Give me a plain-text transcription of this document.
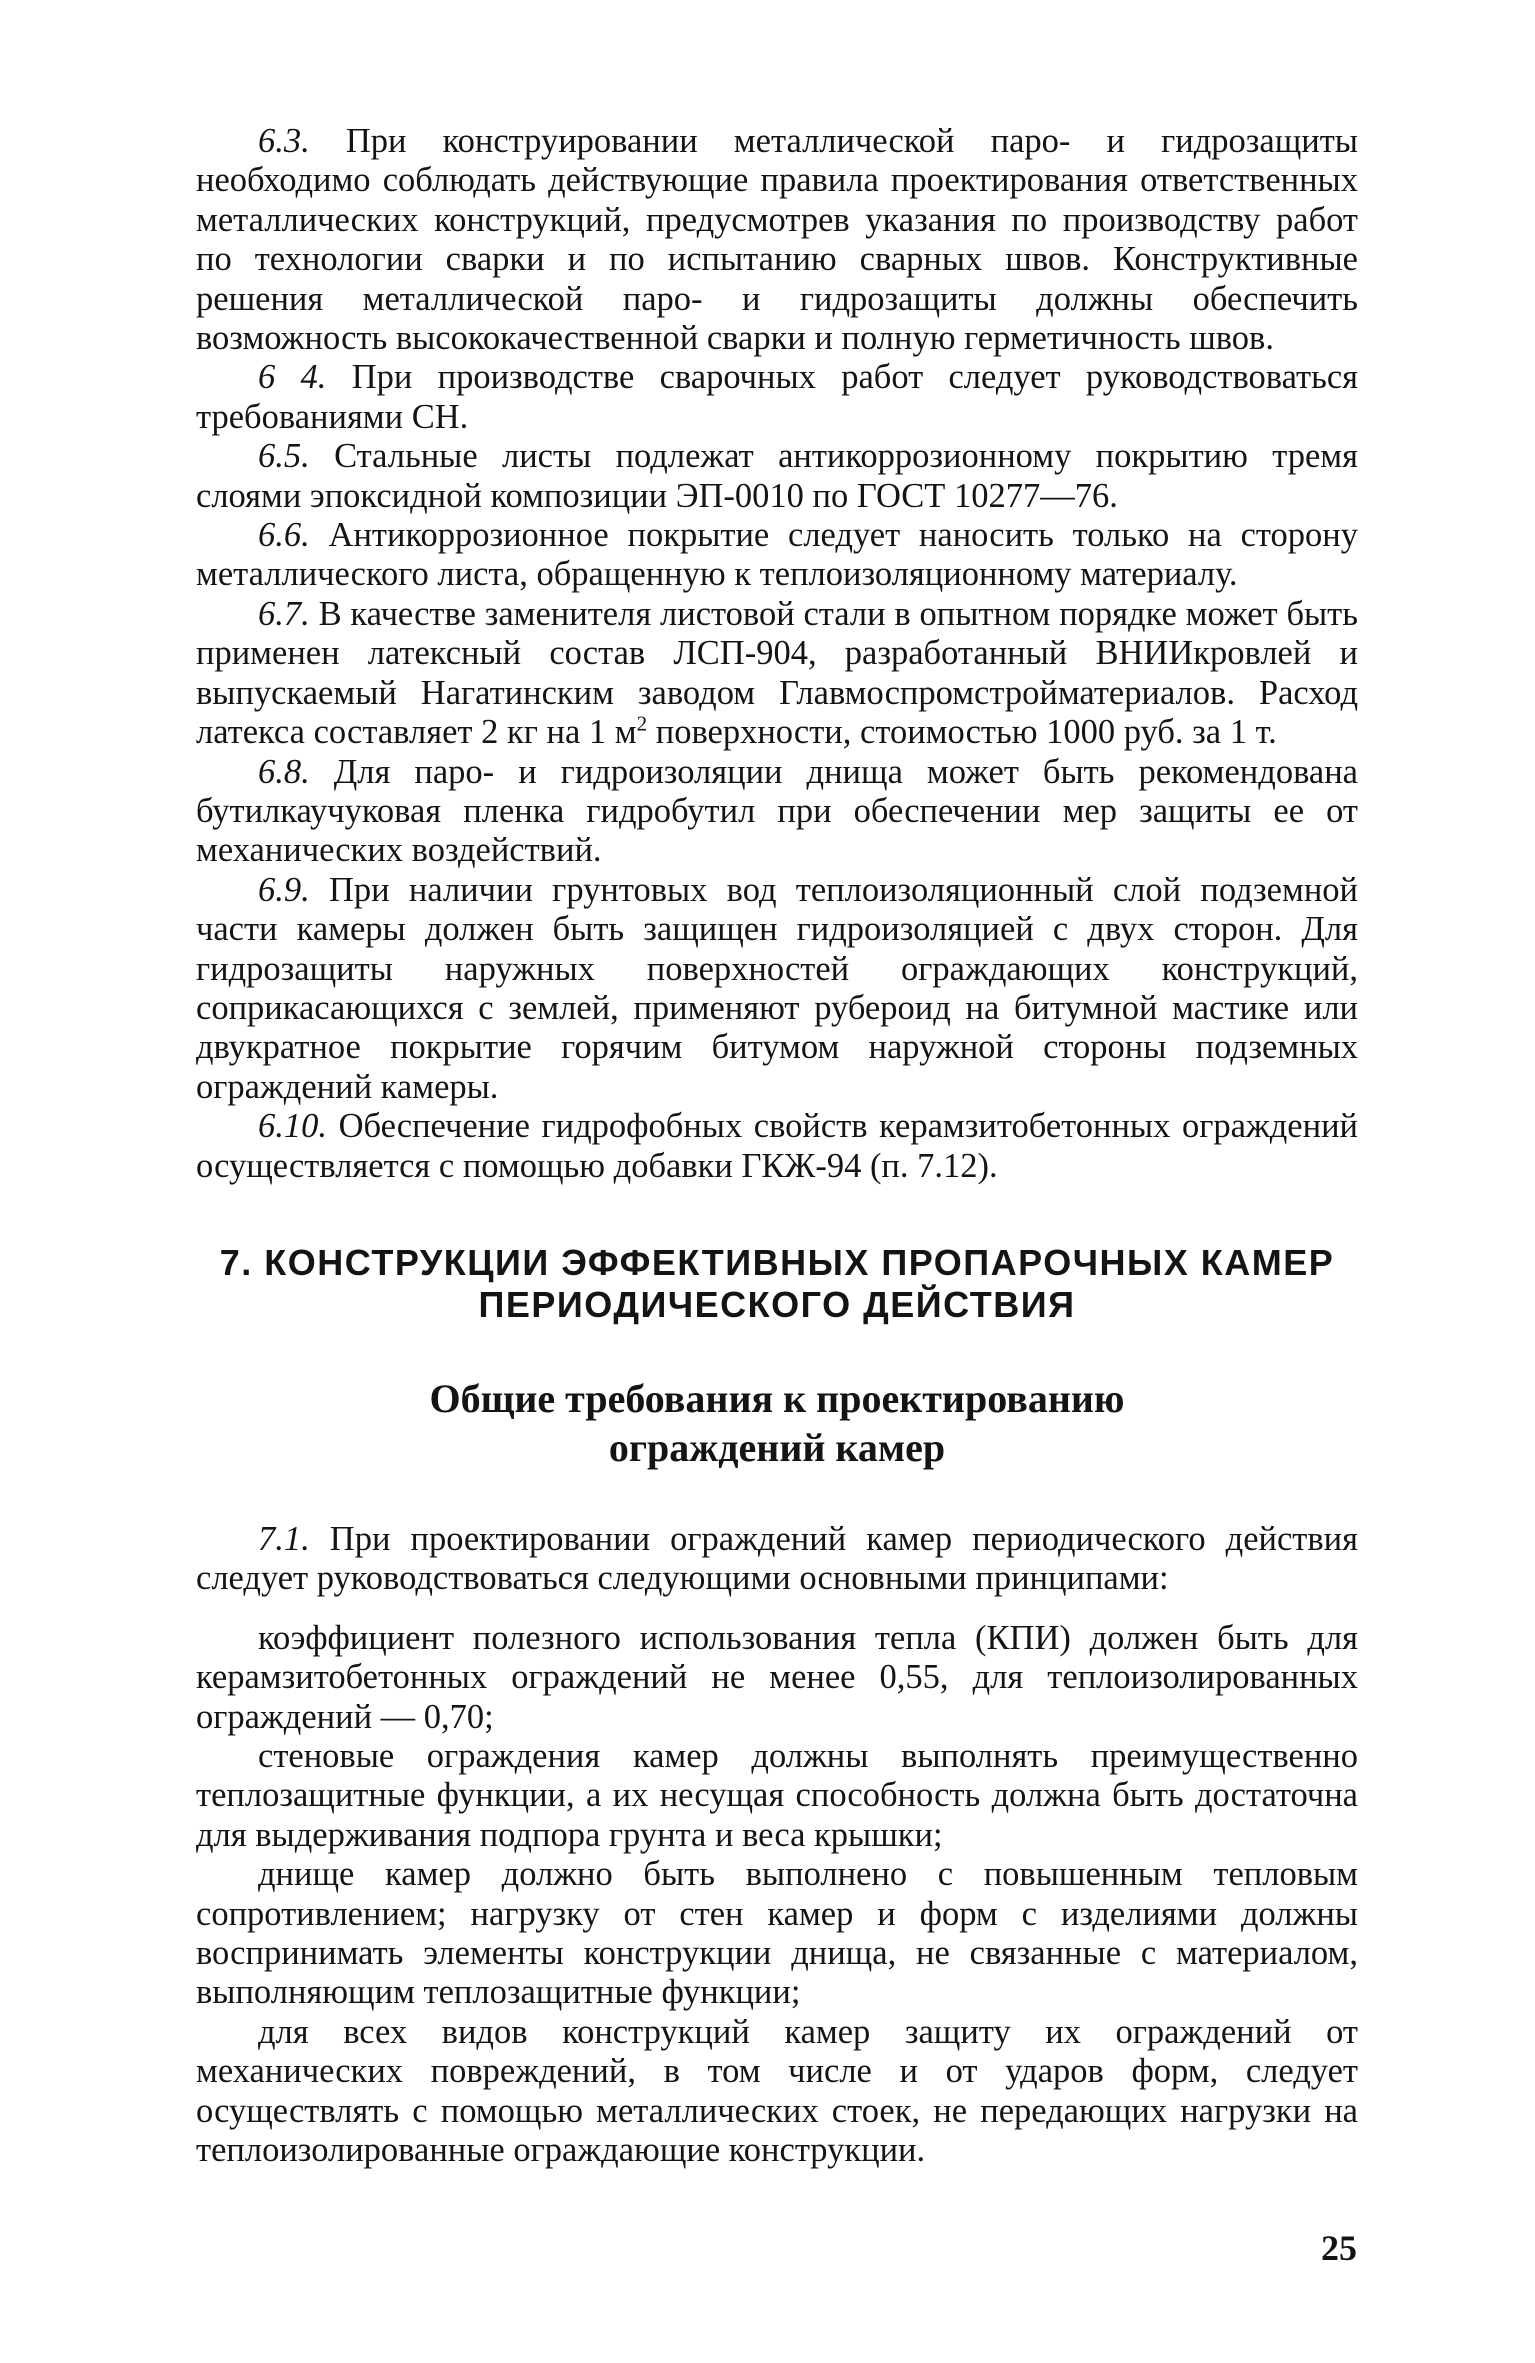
6.3. При конструировании металлической паро- и гидрозащиты необходимо соблюдать действующие правила проектирования ответственных металлических конструкций, предусмотрев указания по производству работ по технологии сварки и по испытанию сварных швов. Конструктивные решения металлической паро- и гидрозащиты должны обеспечить возможность высококачественной сварки и полную герметичность швов.

6 4. При производстве сварочных работ следует руководствоваться требованиями СН.

6.5. Стальные листы подлежат антикоррозионному покрытию тремя слоями эпоксидной композиции ЭП-0010 по ГОСТ 10277—76.

6.6. Антикоррозионное покрытие следует наносить только на сторону металлического листа, обращенную к теплоизоляционному материалу.

6.7. В качестве заменителя листовой стали в опытном порядке может быть применен латексный состав ЛСП-904, разработанный ВНИИкровлей и выпускаемый Нагатинским заводом Главмоспромстройматериалов. Расход латекса составляет 2 кг на 1 $м^2$ поверхности, стоимостью 1000 руб. за 1 т.

6.8. Для паро- и гидроизоляции днища может быть рекомендована бутилкаучуковая пленка гидробутил при обеспечении мер защиты ее от механических воздействий.

6.9. При наличии грунтовых вод теплоизоляционный слой подземной части камеры должен быть защищен гидроизоляцией с двух сторон. Для гидрозащиты наружных поверхностей ограждающих конструкций, соприкасающихся с землей, применяют рубероид на битумной мастике или двукратное покрытие горячим битумом наружной стороны подземных ограждений камеры.

6.10. Обеспечение гидрофобных свойств керамзитобетонных ограждений осуществляется с помощью добавки ГКЖ-94 (п. 7.12).

7. КОНСТРУКЦИИ ЭФФЕКТИВНЫХ ПРОПАРОЧНЫХ КАМЕР
ПЕРИОДИЧЕСКОГО ДЕЙСТВИЯ
Общие требования к проектированию
ограждений камер

7.1. При проектировании ограждений камер периодического действия следует руководствоваться следующими основными принципами:

коэффициент полезного использования тепла (КПИ) должен быть для керамзитобетонных ограждений не менее 0,55, для теплоизолированных ограждений — 0,70;

стеновые ограждения камер должны выполнять преимущественно теплозащитные функции, а их несущая способность должна быть достаточна для выдерживания подпора грунта и веса крышки;

днище камер должно быть выполнено с повышенным тепловым сопротивлением; нагрузку от стен камер и форм с изделиями должны воспринимать элементы конструкции днища, не связанные с материалом, выполняющим теплозащитные функции;

для всех видов конструкций камер защиту их ограждений от механических повреждений, в том числе и от ударов форм, следует осуществлять с помощью металлических стоек, не передающих нагрузки на теплоизолированные ограждающие конструкции.

25
